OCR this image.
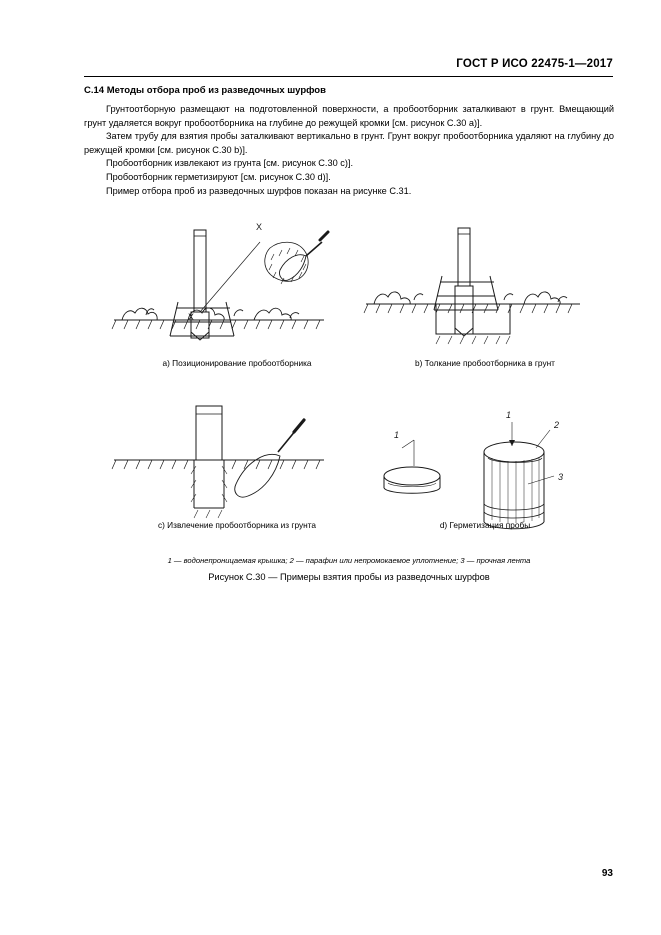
ГОСТ Р ИСО 22475-1—2017
С.14 Методы отбора проб из разведочных шурфов
Грунтоотборную размещают на подготовленной поверхности, а пробоотборник заталкивают в грунт. Вмещающий грунт удаляется вокруг пробоотборника на глубине до режущей кромки [см. рисунок С.30 а)].
Затем трубу для взятия пробы заталкивают вертикально в грунт. Грунт вокруг пробоотборника удаляют на глубину до режущей кромки [см. рисунок С.30 b)].
Пробоотборник извлекают из грунта [см. рисунок С.30 с)].
Пробоотборник герметизируют [см. рисунок С.30 d)].
Пример отбора проб из разведочных шурфов показан на рисунке С.31.
X
X
1
1
2
3
a) Позиционирование пробоотборника	b) Толкание пробоотборника в грунт
c) Извлечение пробоотборника из грунта	d) Герметизация пробы
1 — водонепроницаемая крышка; 2 — парафин или непромокаемое уплотнение; 3 — прочная лента
Рисунок С.30 — Примеры взятия пробы из разведочных шурфов
93
